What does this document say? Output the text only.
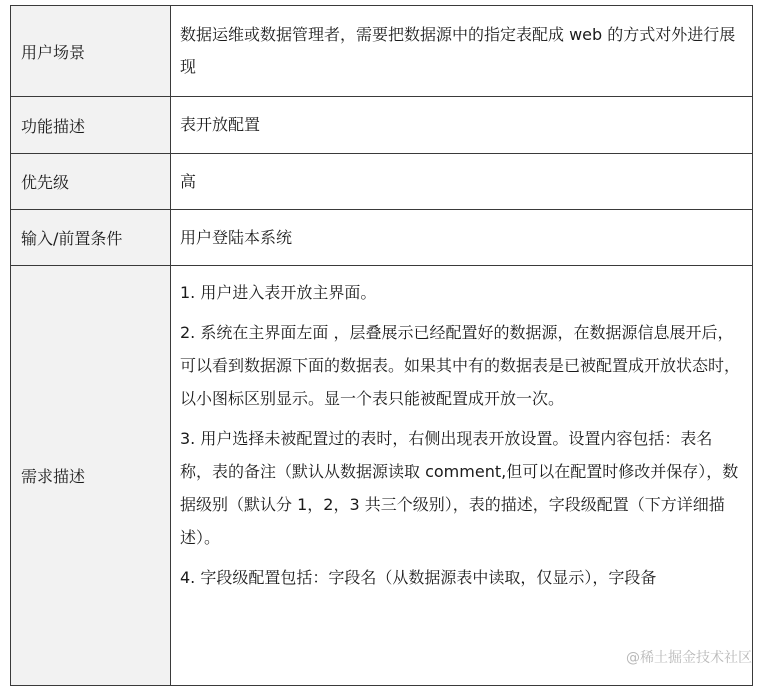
用户场景	数据运维或数据管理者，需要把数据源中的指定表配成 web 的方式对外进行展现
功能描述	表开放配置
优先级	高
输入/前置条件	用户登陆本系统
需求描述	1. 用户进入表开放主界面。

2. 系统在主界面左面 ，层叠展示已经配置好的数据源，在数据源信息展开后，可以看到数据源下面的数据表。如果其中有的数据表是已被配置成开放状态时，以小图标区别显示。显一个表只能被配置成开放一次。

3. 用户选择未被配置过的表时，右侧出现表开放设置。设置内容包括：表名称，表的备注（默认从数据源读取 comment,但可以在配置时修改并保存），数据级别（默认分 1，2，3 共三个级别），表的描述，字段级配置（下方详细描述）。

4. 字段级配置包括：字段名（从数据源表中读取，仅显示），字段备

@稀土掘金技术社区
